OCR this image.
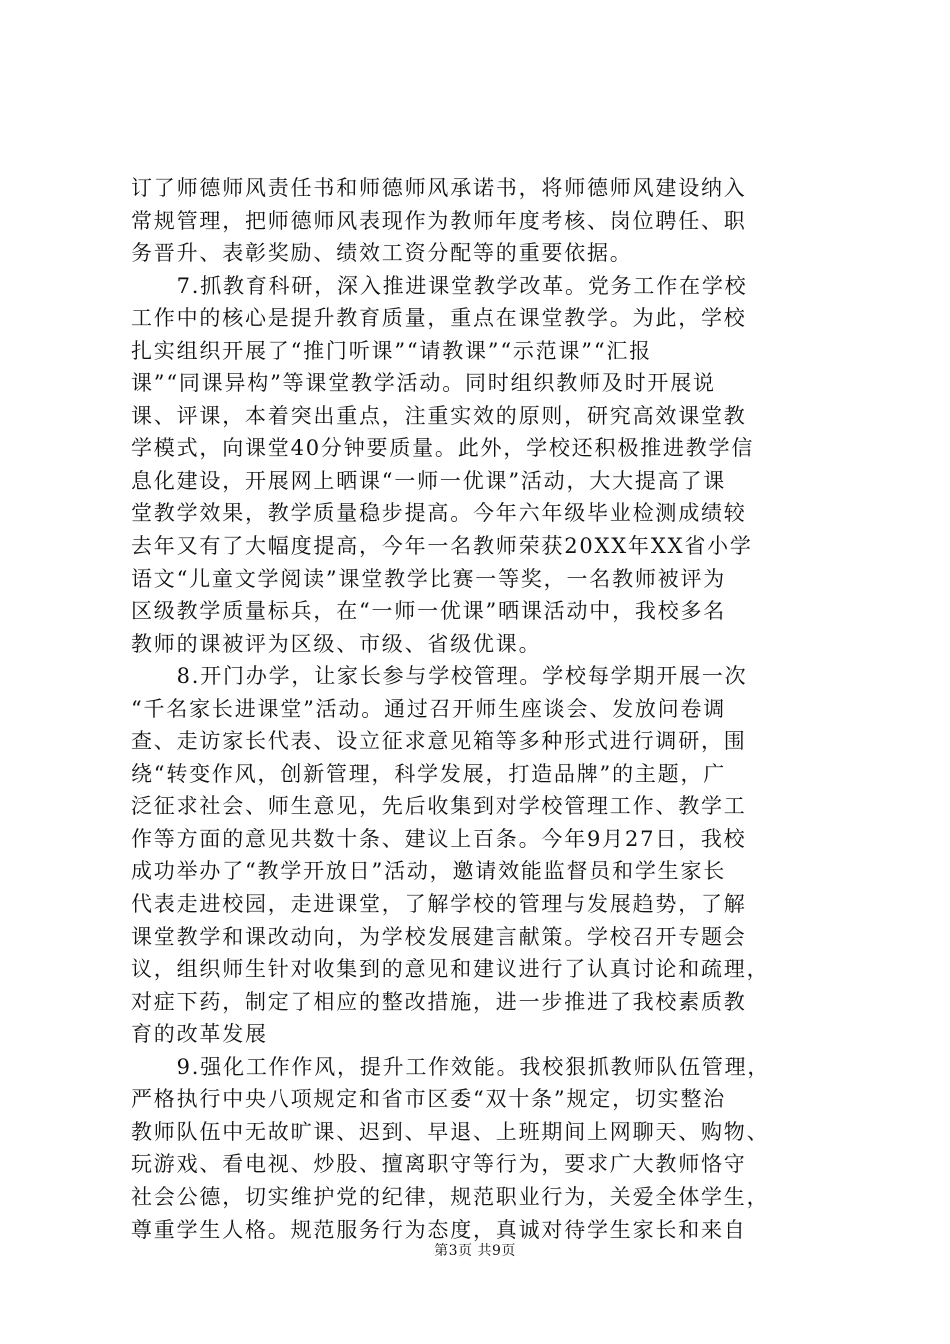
订了师德师风责任书和师德师风承诺书，将师德师风建设纳入

常规管理，把师德师风表现作为教师年度考核、岗位聘任、职

务晋升、表彰奖励、绩效工资分配等的重要依据。

　　7.抓教育科研，深入推进课堂教学改革。党务工作在学校

工作中的核心是提升教育质量，重点在课堂教学。为此，学校

扎实组织开展了“推门听课”“请教课”“示范课”“汇报

课”“同课异构”等课堂教学活动。同时组织教师及时开展说

课、评课，本着突出重点，注重实效的原则，研究高效课堂教

学模式，向课堂40分钟要质量。此外，学校还积极推进教学信

息化建设，开展网上晒课“一师一优课”活动，大大提高了课

堂教学效果，教学质量稳步提高。今年六年级毕业检测成绩较

去年又有了大幅度提高，今年一名教师荣获20XX年XX省小学

语文“儿童文学阅读”课堂教学比赛一等奖，一名教师被评为

区级教学质量标兵，在“一师一优课”晒课活动中，我校多名

教师的课被评为区级、市级、省级优课。

　　8.开门办学，让家长参与学校管理。学校每学期开展一次

“千名家长进课堂”活动。通过召开师生座谈会、发放问卷调

查、走访家长代表、设立征求意见箱等多种形式进行调研，围

绕“转变作风，创新管理，科学发展，打造品牌”的主题，广

泛征求社会、师生意见，先后收集到对学校管理工作、教学工

作等方面的意见共数十条、建议上百条。今年9月27日，我校

成功举办了“教学开放日”活动，邀请效能监督员和学生家长

代表走进校园，走进课堂，了解学校的管理与发展趋势，了解

课堂教学和课改动向，为学校发展建言献策。学校召开专题会

议，组织师生针对收集到的意见和建议进行了认真讨论和疏理，

对症下药，制定了相应的整改措施，进一步推进了我校素质教

育的改革发展

　　9.强化工作作风，提升工作效能。我校狠抓教师队伍管理，

严格执行中央八项规定和省市区委“双十条”规定，切实整治

教师队伍中无故旷课、迟到、早退、上班期间上网聊天、购物、

玩游戏、看电视、炒股、擅离职守等行为，要求广大教师恪守

社会公德，切实维护党的纪律，规范职业行为，关爱全体学生，

尊重学生人格。规范服务行为态度，真诚对待学生家长和来自

第3页 共9页
